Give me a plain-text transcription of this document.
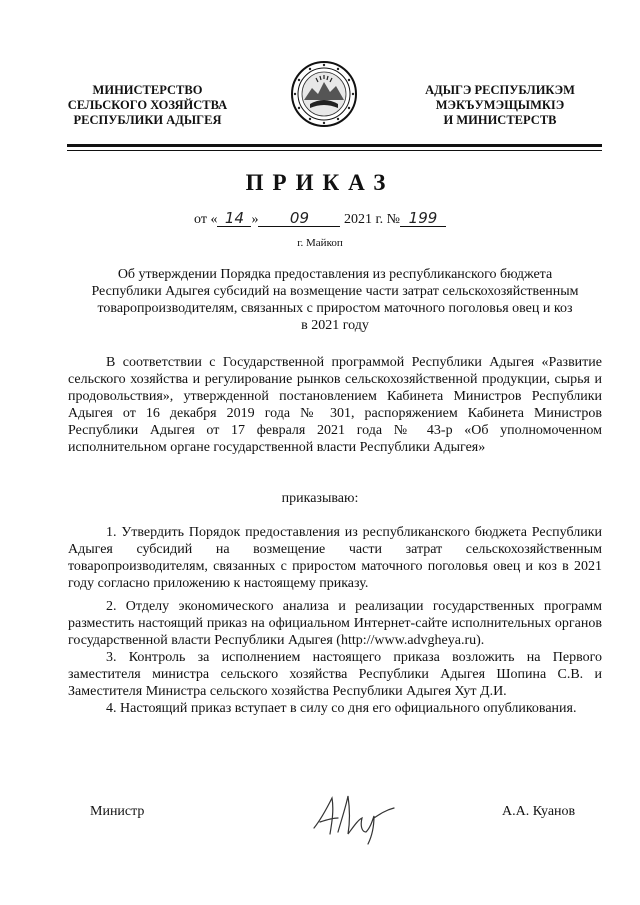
МИНИСТЕРСТВО
СЕЛЬСКОГО ХОЗЯЙСТВА
РЕСПУБЛИКИ АДЫГЕЯ
АДЫГЭ РЕСПУБЛИКЭМ
МЭКЪУМЭЩЫМКIЭ
И МИНИСТЕРСТВ
ПРИКАЗ
от « 14 » 09 2021 г. № 199
г. Майкоп
Об утверждении Порядка предоставления из республиканского бюджета
Республики Адыгея субсидий на возмещение части затрат сельскохозяйственным
товаропроизводителям, связанных с приростом маточного поголовья овец и коз
в 2021 году
В соответствии с Государственной программой Республики Адыгея «Развитие сельского хозяйства и регулирование рынков сельскохозяйственной продукции, сырья и продовольствия», утвержденной постановлением Кабинета Министров Республики Адыгея от 16 декабря 2019 года № 301, распоряжением Кабинета Министров Республики Адыгея от 17 февраля 2021 года № 43-р «Об уполномоченном исполнительном органе государственной власти Республики Адыгея»
приказываю:
1. Утвердить Порядок предоставления из республиканского бюджета Республики Адыгея субсидий на возмещение части затрат сельскохозяйственным товаропроизводителям, связанных с приростом маточного поголовья овец и коз в 2021 году согласно приложению к настоящему приказу.
2. Отделу экономического анализа и реализации государственных программ разместить настоящий приказ на официальном Интернет-сайте исполнительных органов государственной власти Республики Адыгея (http://www.advgheya.ru).
3. Контроль за исполнением настоящего приказа возложить на Первого заместителя министра сельского хозяйства Республики Адыгея Шопина С.В. и Заместителя Министра сельского хозяйства Республики Адыгея Хут Д.И.
4. Настоящий приказ вступает в силу со дня его официального опубликования.
Министр	А.А. Куанов
